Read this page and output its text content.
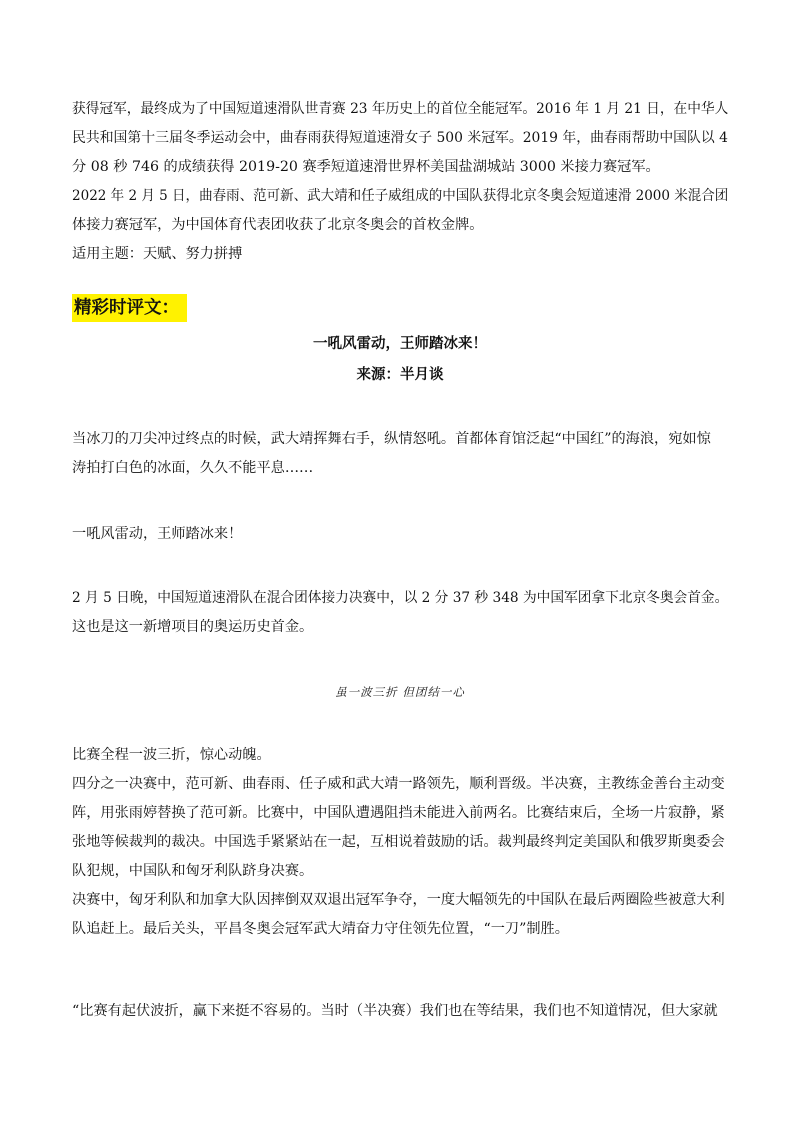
获得冠军，最终成为了中国短道速滑队世青赛 23 年历史上的首位全能冠军。2016 年 1 月 21 日，在中华人
民共和国第十三届冬季运动会中，曲春雨获得短道速滑女子 500 米冠军。2019 年，曲春雨帮助中国队以 4
分 08 秒 746 的成绩获得 2019-20 赛季短道速滑世界杯美国盐湖城站 3000 米接力赛冠军。
2022 年 2 月 5 日，曲春雨、范可新、武大靖和任子威组成的中国队获得北京冬奥会短道速滑 2000 米混合团
体接力赛冠军，为中国体育代表团收获了北京冬奥会的首枚金牌。
适用主题：天赋、努力拼搏
精彩时评文：

一吼风雷动，王师踏冰来！

来源：半月谈

当冰刀的刀尖冲过终点的时候，武大靖挥舞右手，纵情怒吼。首都体育馆泛起“中国红”的海浪，宛如惊
涛拍打白色的冰面，久久不能平息……
一吼风雷动，王师踏冰来！
2 月 5 日晚，中国短道速滑队在混合团体接力决赛中，以 2 分 37 秒 348 为中国军团拿下北京冬奥会首金。
这也是这一新增项目的奥运历史首金。

虽一波三折 但团结一心

比赛全程一波三折，惊心动魄。
四分之一决赛中，范可新、曲春雨、任子威和武大靖一路领先，顺利晋级。半决赛，主教练金善台主动变
阵，用张雨婷替换了范可新。比赛中，中国队遭遇阻挡未能进入前两名。比赛结束后，全场一片寂静，紧
张地等候裁判的裁决。中国选手紧紧站在一起，互相说着鼓励的话。裁判最终判定美国队和俄罗斯奥委会
队犯规，中国队和匈牙利队跻身决赛。
决赛中，匈牙利队和加拿大队因摔倒双双退出冠军争夺，一度大幅领先的中国队在最后两圈险些被意大利
队追赶上。最后关头，平昌冬奥会冠军武大靖奋力守住领先位置，“一刀”制胜。
“比赛有起伏波折，赢下来挺不容易的。当时（半决赛）我们也在等结果，我们也不知道情况，但大家就
